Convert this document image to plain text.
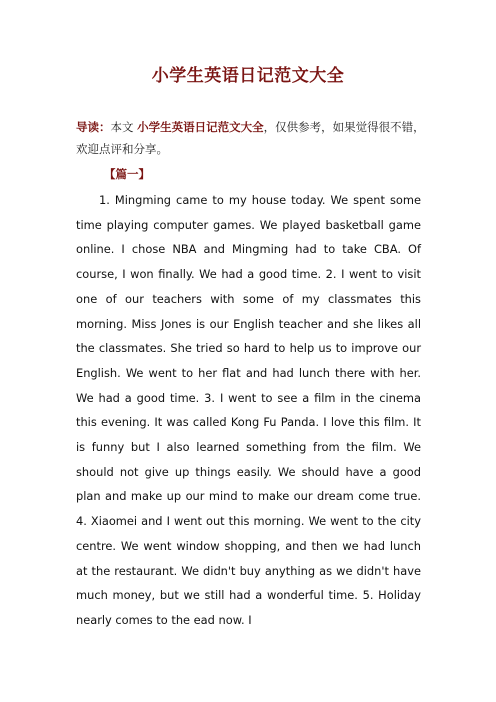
小学生英语日记范文大全
导读：本文 小学生英语日记范文大全，仅供参考，如果觉得很不错，欢迎点评和分享。
【篇一】

1. Mingming came to my house today. We spent some time playing computer games. We played basketball game online. I chose NBA and Mingming had to take CBA. Of course, I won finally. We had a good time. 2. I went to visit one of our teachers with some of my classmates this morning. Miss Jones is our English teacher and she likes all the classmates. She tried so hard to help us to improve our English. We went to her flat and had lunch there with her. We had a good time. 3. I went to see a film in the cinema this evening. It was called Kong Fu Panda. I love this film. It is funny but I also learned something from the film. We should not give up things easily. We should have a good plan and make up our mind to make our dream come true. 4. Xiaomei and I went out this morning. We went to the city centre. We went window shopping, and then we had lunch at the restaurant. We didn't buy anything as we didn't have much money, but we still had a wonderful time. 5. Holiday nearly comes to the ead now. I
